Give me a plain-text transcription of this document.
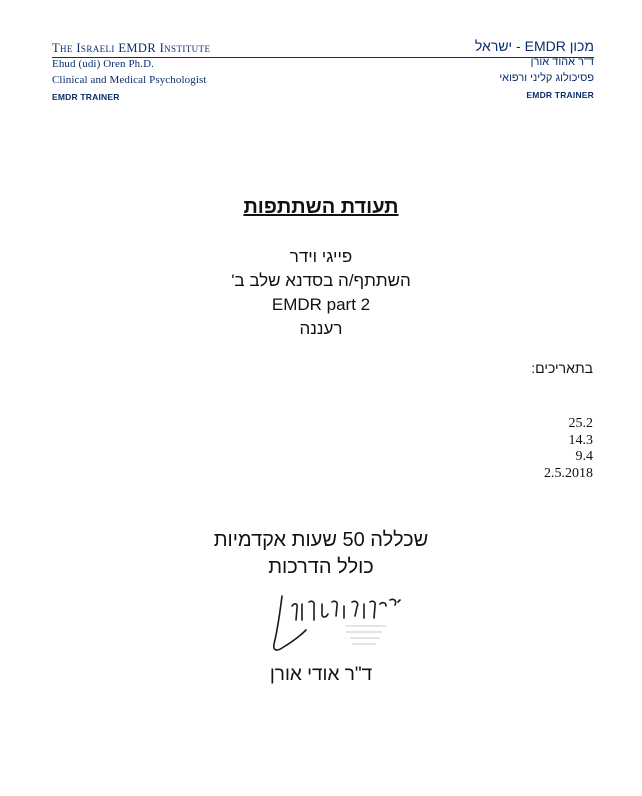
The Israeli EMDR Institute
Ehud (udi) Oren Ph.D.
Clinical and Medical Psychologist
EMDR TRAINER
מכון EMDR - ישראל
ד"ר אהוד אורן
פסיכולוג קליני ורפואי
EMDR TRAINER
תעודת השתתפות
פייגי וידר
השתתף/ה בסדנא שלב ב'
EMDR part 2
רעננה
בתאריכים:
25.2
14.3
9.4
2.5.2018
שכללה 50 שעות אקדמיות
כולל הדרכות
ד"ר אודי אורן
